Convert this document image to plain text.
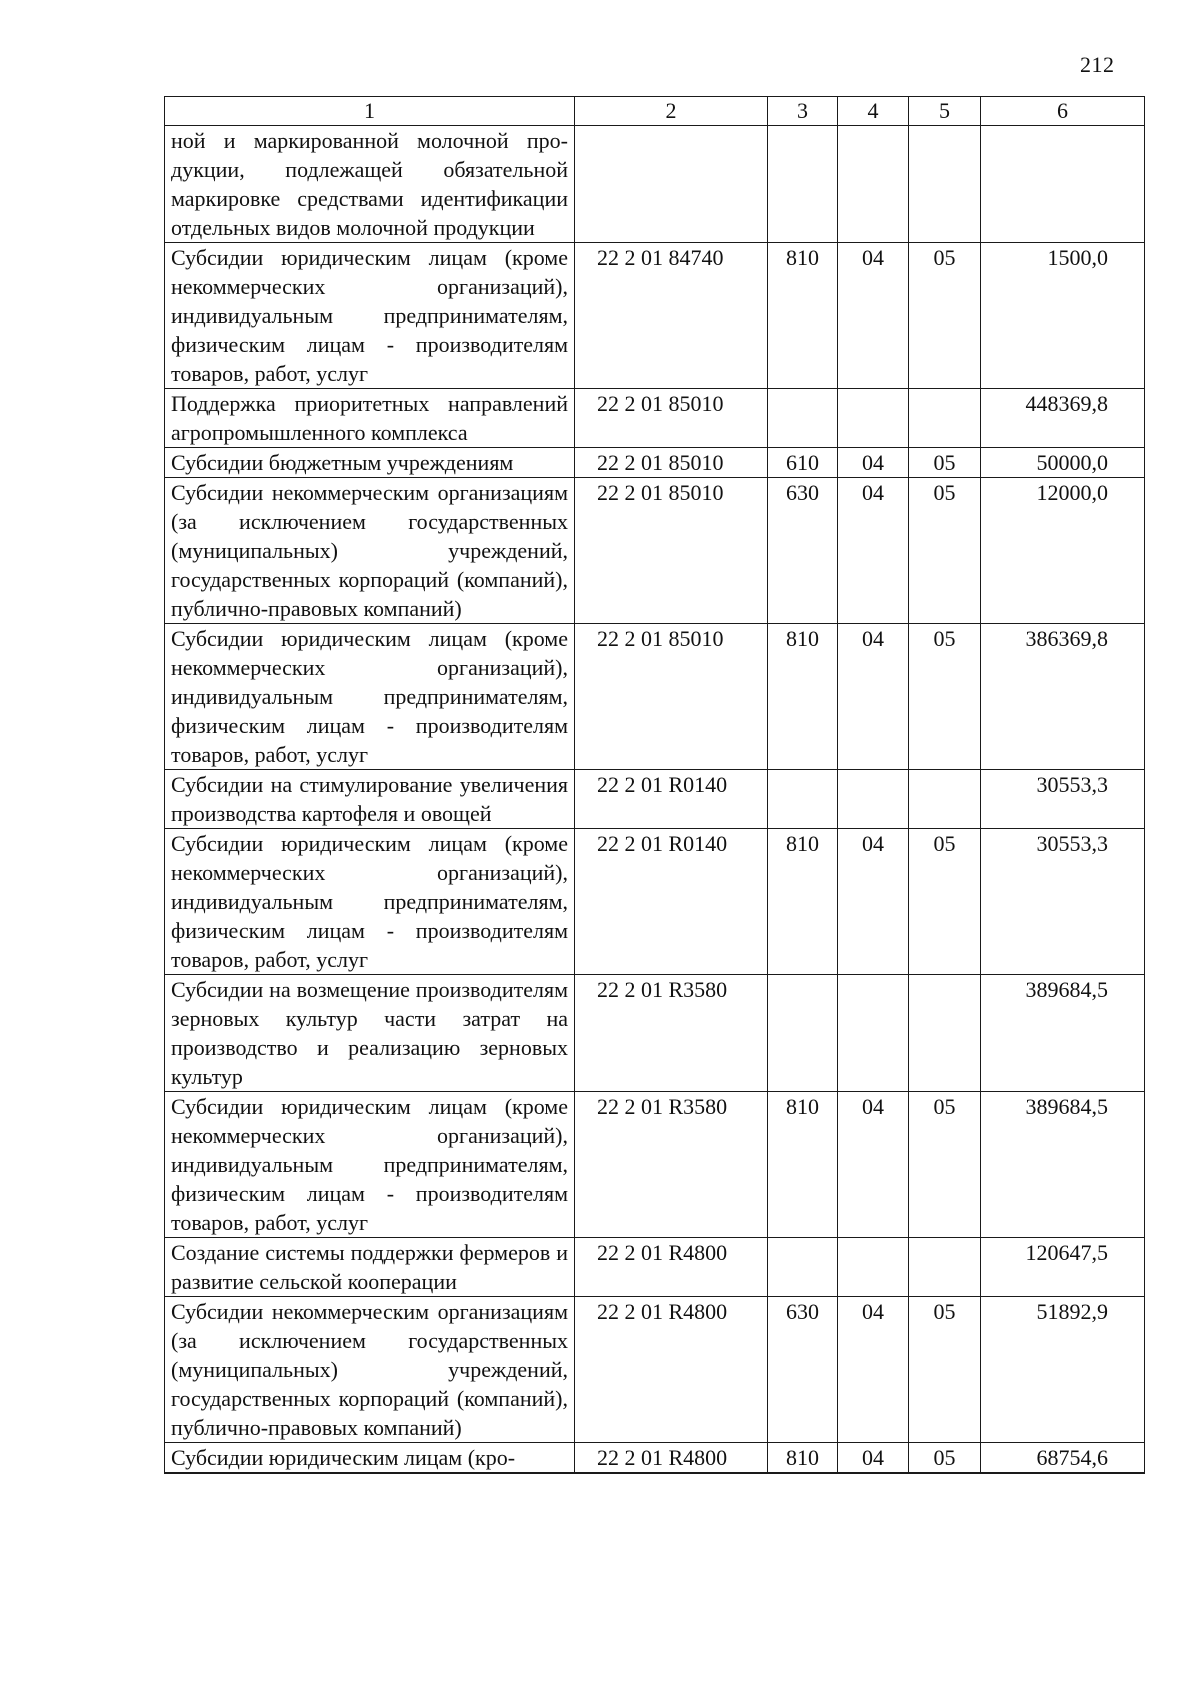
212
1	2	3	4	5	6
ной и маркированной молочной продукции, подлежащей обязательной маркировке средствами идентификации отдельных видов молочной продукции					
Субсидии юридическим лицам (кроме некоммерческих организаций), индивидуальным предпринимателям, физическим лицам - производителям товаров, работ, услуг	22 2 01 84740	810	04	05	1500,0
Поддержка приоритетных направлений агропромышленного комплекса	22 2 01 85010				448369,8
Субсидии бюджетным учреждениям	22 2 01 85010	610	04	05	50000,0
Субсидии некоммерческим организациям (за исключением государственных (муниципальных) учреждений, государственных корпораций (компаний), публично-правовых компаний)	22 2 01 85010	630	04	05	12000,0
Субсидии юридическим лицам (кроме некоммерческих организаций), индивидуальным предпринимателям, физическим лицам - производителям товаров, работ, услуг	22 2 01 85010	810	04	05	386369,8
Субсидии на стимулирование увеличения производства картофеля и овощей	22 2 01 R0140				30553,3
Субсидии юридическим лицам (кроме некоммерческих организаций), индивидуальным предпринимателям, физическим лицам - производителям товаров, работ, услуг	22 2 01 R0140	810	04	05	30553,3
Субсидии на возмещение производителям зерновых культур части затрат на производство и реализацию зерновых культур	22 2 01 R3580				389684,5
Субсидии юридическим лицам (кроме некоммерческих организаций), индивидуальным предпринимателям, физическим лицам - производителям товаров, работ, услуг	22 2 01 R3580	810	04	05	389684,5
Создание системы поддержки фермеров и развитие сельской кооперации	22 2 01 R4800				120647,5
Субсидии некоммерческим организациям (за исключением государственных (муниципальных) учреждений, государственных корпораций (компаний), публично-правовых компаний)	22 2 01 R4800	630	04	05	51892,9
Субсидии юридическим лицам (кро-	22 2 01 R4800	810	04	05	68754,6
